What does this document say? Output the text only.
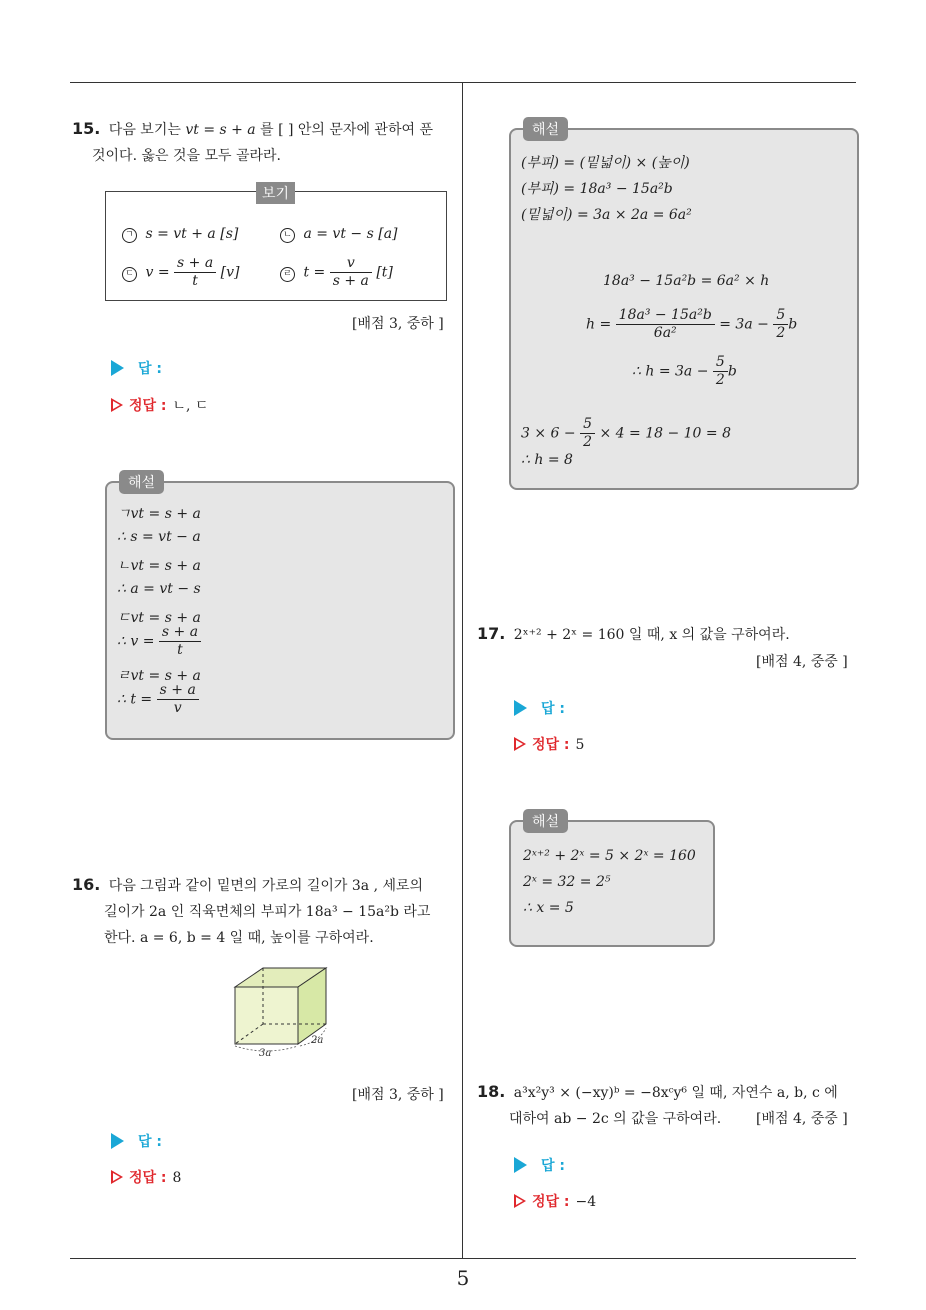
5
15. 다음 보기는 vt = s + a 를 [ ] 안의 문자에 관하여 푼
것이다. 옳은 것을 모두 골라라.
보기
ㄱ s = vt + a [s]	ㄴ a = vt − s [a]
ㄷ $v = \frac{s + a}{t} [v]$	ㄹ $t = \frac{v}{s + a} [t]$
[배점 3, 중하 ]
답 :
정답 : ㄴ, ㄷ
해설
ㄱvt = s + a
∴ s = vt − a
ㄴvt = s + a
∴ a = vt − s
ㄷvt = s + a
∴ $v = \frac{s + a}{t}$
ㄹvt = s + a
∴ $t = \frac{s + a}{v}$
16. 다음 그림과 같이 밑면의 가로의 길이가 3a , 세로의
길이가 2a 인 직육면체의 부피가 18a³ − 15a²b 라고
한다. a = 6, b = 4 일 때, 높이를 구하여라.
3a
2a
[배점 3, 중하 ]
답 :
정답 : 8
해설
(부피) = (밑넓이) × (높이)
(부피) = 18a³ − 15a²b
(밑넓이) = 3a × 2a = 6a²
18a³ − 15a²b = 6a² × h
$h = \frac{\text{18a³ − 15a²b}}{\text{6a²}} = 3a - \frac{5}{2}$ b
∴ $h = 3a - \frac{5}{2}$ b
$3 \times 6 - \frac{5}{2} \times 4 = 18 - 10 = 8$
∴ h = 8
17. 2ˣ⁺² + 2ˣ = 160 일 때, x 의 값을 구하여라.
[배점 4, 중중 ]
답 :
정답 : 5
해설
2ˣ⁺² + 2ˣ = 5 × 2ˣ = 160
2ˣ = 32 = 2⁵
∴ x = 5
18. a³x²y³ × (−xy)ᵇ = −8xᶜy⁶ 일 때, 자연수 a, b, c 에
대하여 ab − 2c 의 값을 구하여라.	[배점 4, 중중 ]
답 :
정답 : −4
